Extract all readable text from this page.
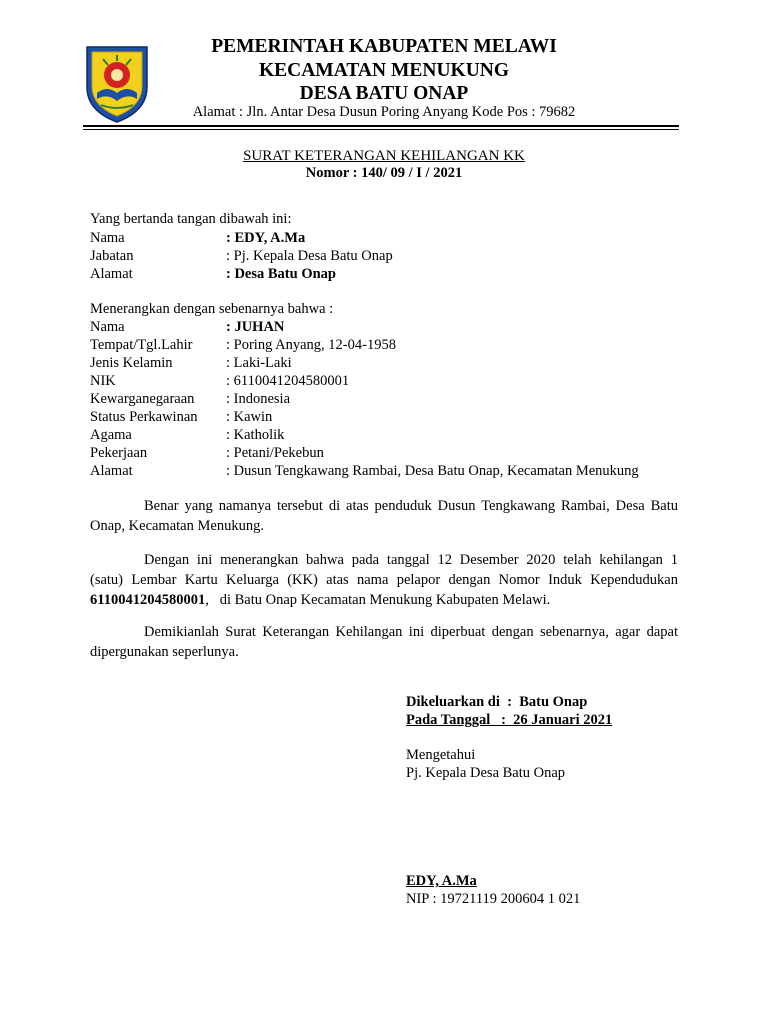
PEMERINTAH KABUPATEN MELAWI
KECAMATAN MENUKUNG
DESA BATU ONAP
Alamat : Jln. Antar Desa Dusun Poring Anyang Kode Pos : 79682
SURAT KETERANGAN KEHILANGAN KK
Nomor : 140/ 09 / I / 2021
Yang bertanda tangan dibawah ini:
Nama	: EDY, A.Ma
Jabatan	: Pj. Kepala Desa Batu Onap
Alamat	: Desa Batu Onap
Menerangkan dengan sebenarnya bahwa :
Nama	: JUHAN
Tempat/Tgl.Lahir : Poring Anyang, 12-04-1958
Jenis Kelamin	: Laki-Laki
NIK	: 6110041204580001
Kewarganegaraan : Indonesia
Status Perkawinan : Kawin
Agama	: Katholik
Pekerjaan	: Petani/Pekebun
Alamat	: Dusun Tengkawang Rambai, Desa Batu Onap, Kecamatan Menukung
Benar yang namanya tersebut di atas penduduk Dusun Tengkawang Rambai, Desa Batu
Onap, Kecamatan Menukung.
Dengan ini menerangkan bahwa pada tanggal 12 Desember 2020 telah kehilangan 1
(satu) Lembar Kartu Keluarga (KK) atas nama pelapor dengan Nomor Induk Kependudukan
6110041204580001,   di Batu Onap Kecamatan Menukung Kabupaten Melawi.
Demikianlah Surat Keterangan Kehilangan ini diperbuat dengan sebenarnya, agar dapat
dipergunakan seperlunya.
Dikeluarkan di  :  Batu Onap
Pada Tanggal   :  26 Januari 2021
Mengetahui
Pj. Kepala Desa Batu Onap
EDY, A.Ma
NIP : 19721119 200604 1 021
